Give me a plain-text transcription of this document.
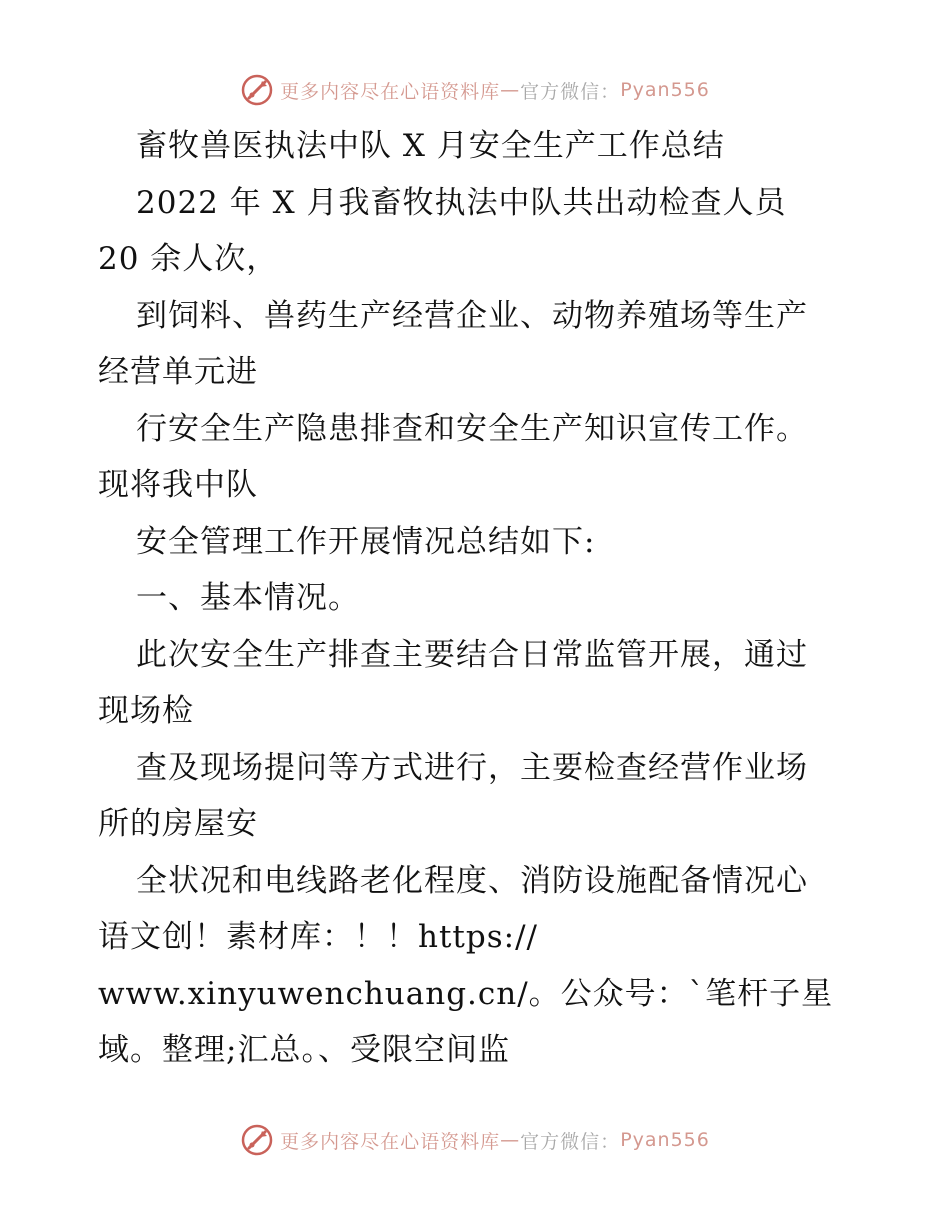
更多内容尽在心语资料库 — 官方微信： Pyan556
畜牧兽医执法中队 X 月安全生产工作总结
2022 年 X 月我畜牧执法中队共出动检查人员
20 余人次，
到饲料、兽药生产经营企业、动物养殖场等生产
经营单元进
行安全生产隐患排查和安全生产知识宣传工作。
现将我中队
安全管理工作开展情况总结如下:
一、基本情况。
此次安全生产排查主要结合日常监管开展，通过
现场检
查及现场提问等方式进行，主要检查经营作业场
所的房屋安
全状况和电线路老化程度、消防设施配备情况心
语文创！素材库：！！https://
www.xinyuwenchuang.cn/。公众号：`笔杆子星
域。整理;汇总。、受限空间监
更多内容尽在心语资料库 — 官方微信： Pyan556
